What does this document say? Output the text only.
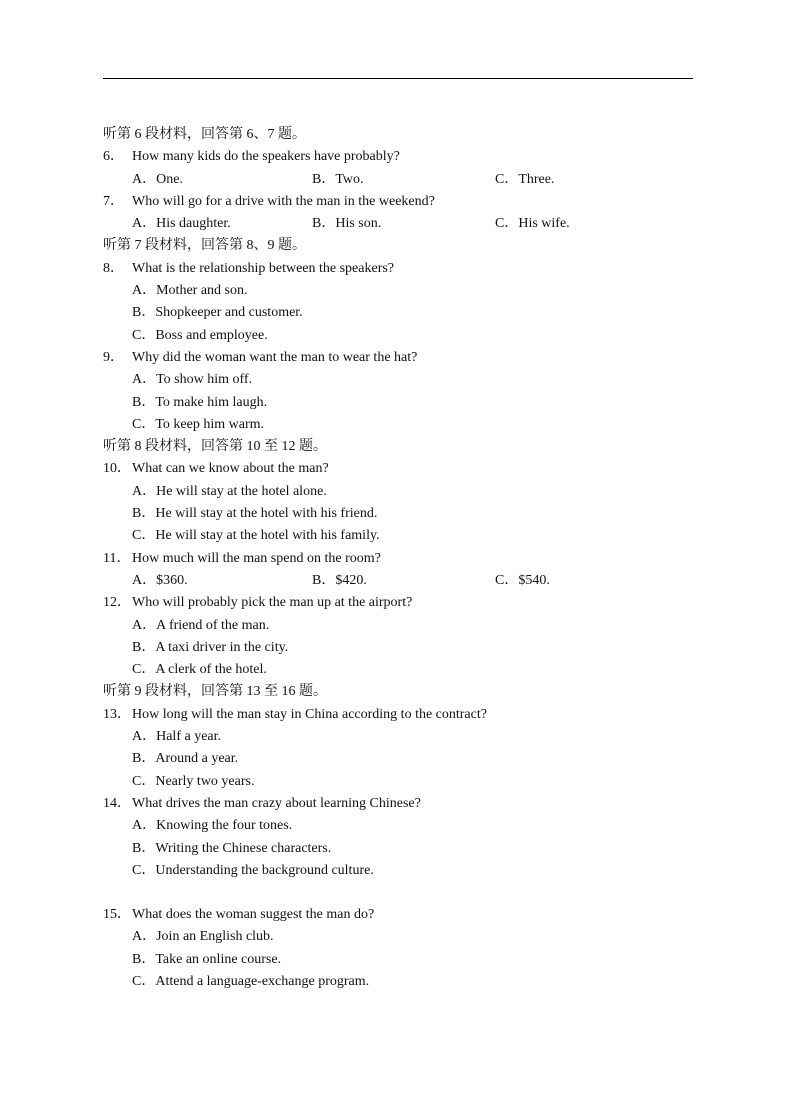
听第 6 段材料，回答第 6、7 题。
6． How many kids do the speakers have probably?
A．One.	B．Two.	C．Three.
7． Who will go for a drive with the man in the weekend?
A．His daughter.	B．His son.	C．His wife.
听第 7 段材料，回答第 8、9 题。
8． What is the relationship between the speakers?
A．Mother and son.
B．Shopkeeper and customer.
C．Boss and employee.
9． Why did the woman want the man to wear the hat?
A．To show him off.
B．To make him laugh.
C．To keep him warm.
听第 8 段材料，回答第 10 至 12 题。
10．What can we know about the man?
A．He will stay at the hotel alone.
B．He will stay at the hotel with his friend.
C．He will stay at the hotel with his family.
11． How much will the man spend on the room?
A．$360.	B．$420.	C．$540.
12．Who will probably pick the man up at the airport?
A．A friend of the man.
B．A taxi driver in the city.
C．A clerk of the hotel.
听第 9 段材料，回答第 13 至 16 题。
13．How long will the man stay in China according to the contract?
A．Half a year.
B．Around a year.
C．Nearly two years.
14．What drives the man crazy about learning Chinese?
A．Knowing the four tones.
B．Writing the Chinese characters.
C．Understanding the background culture.
15．What does the woman suggest the man do?
A．Join an English club.
B．Take an online course.
C．Attend a language-exchange program.
